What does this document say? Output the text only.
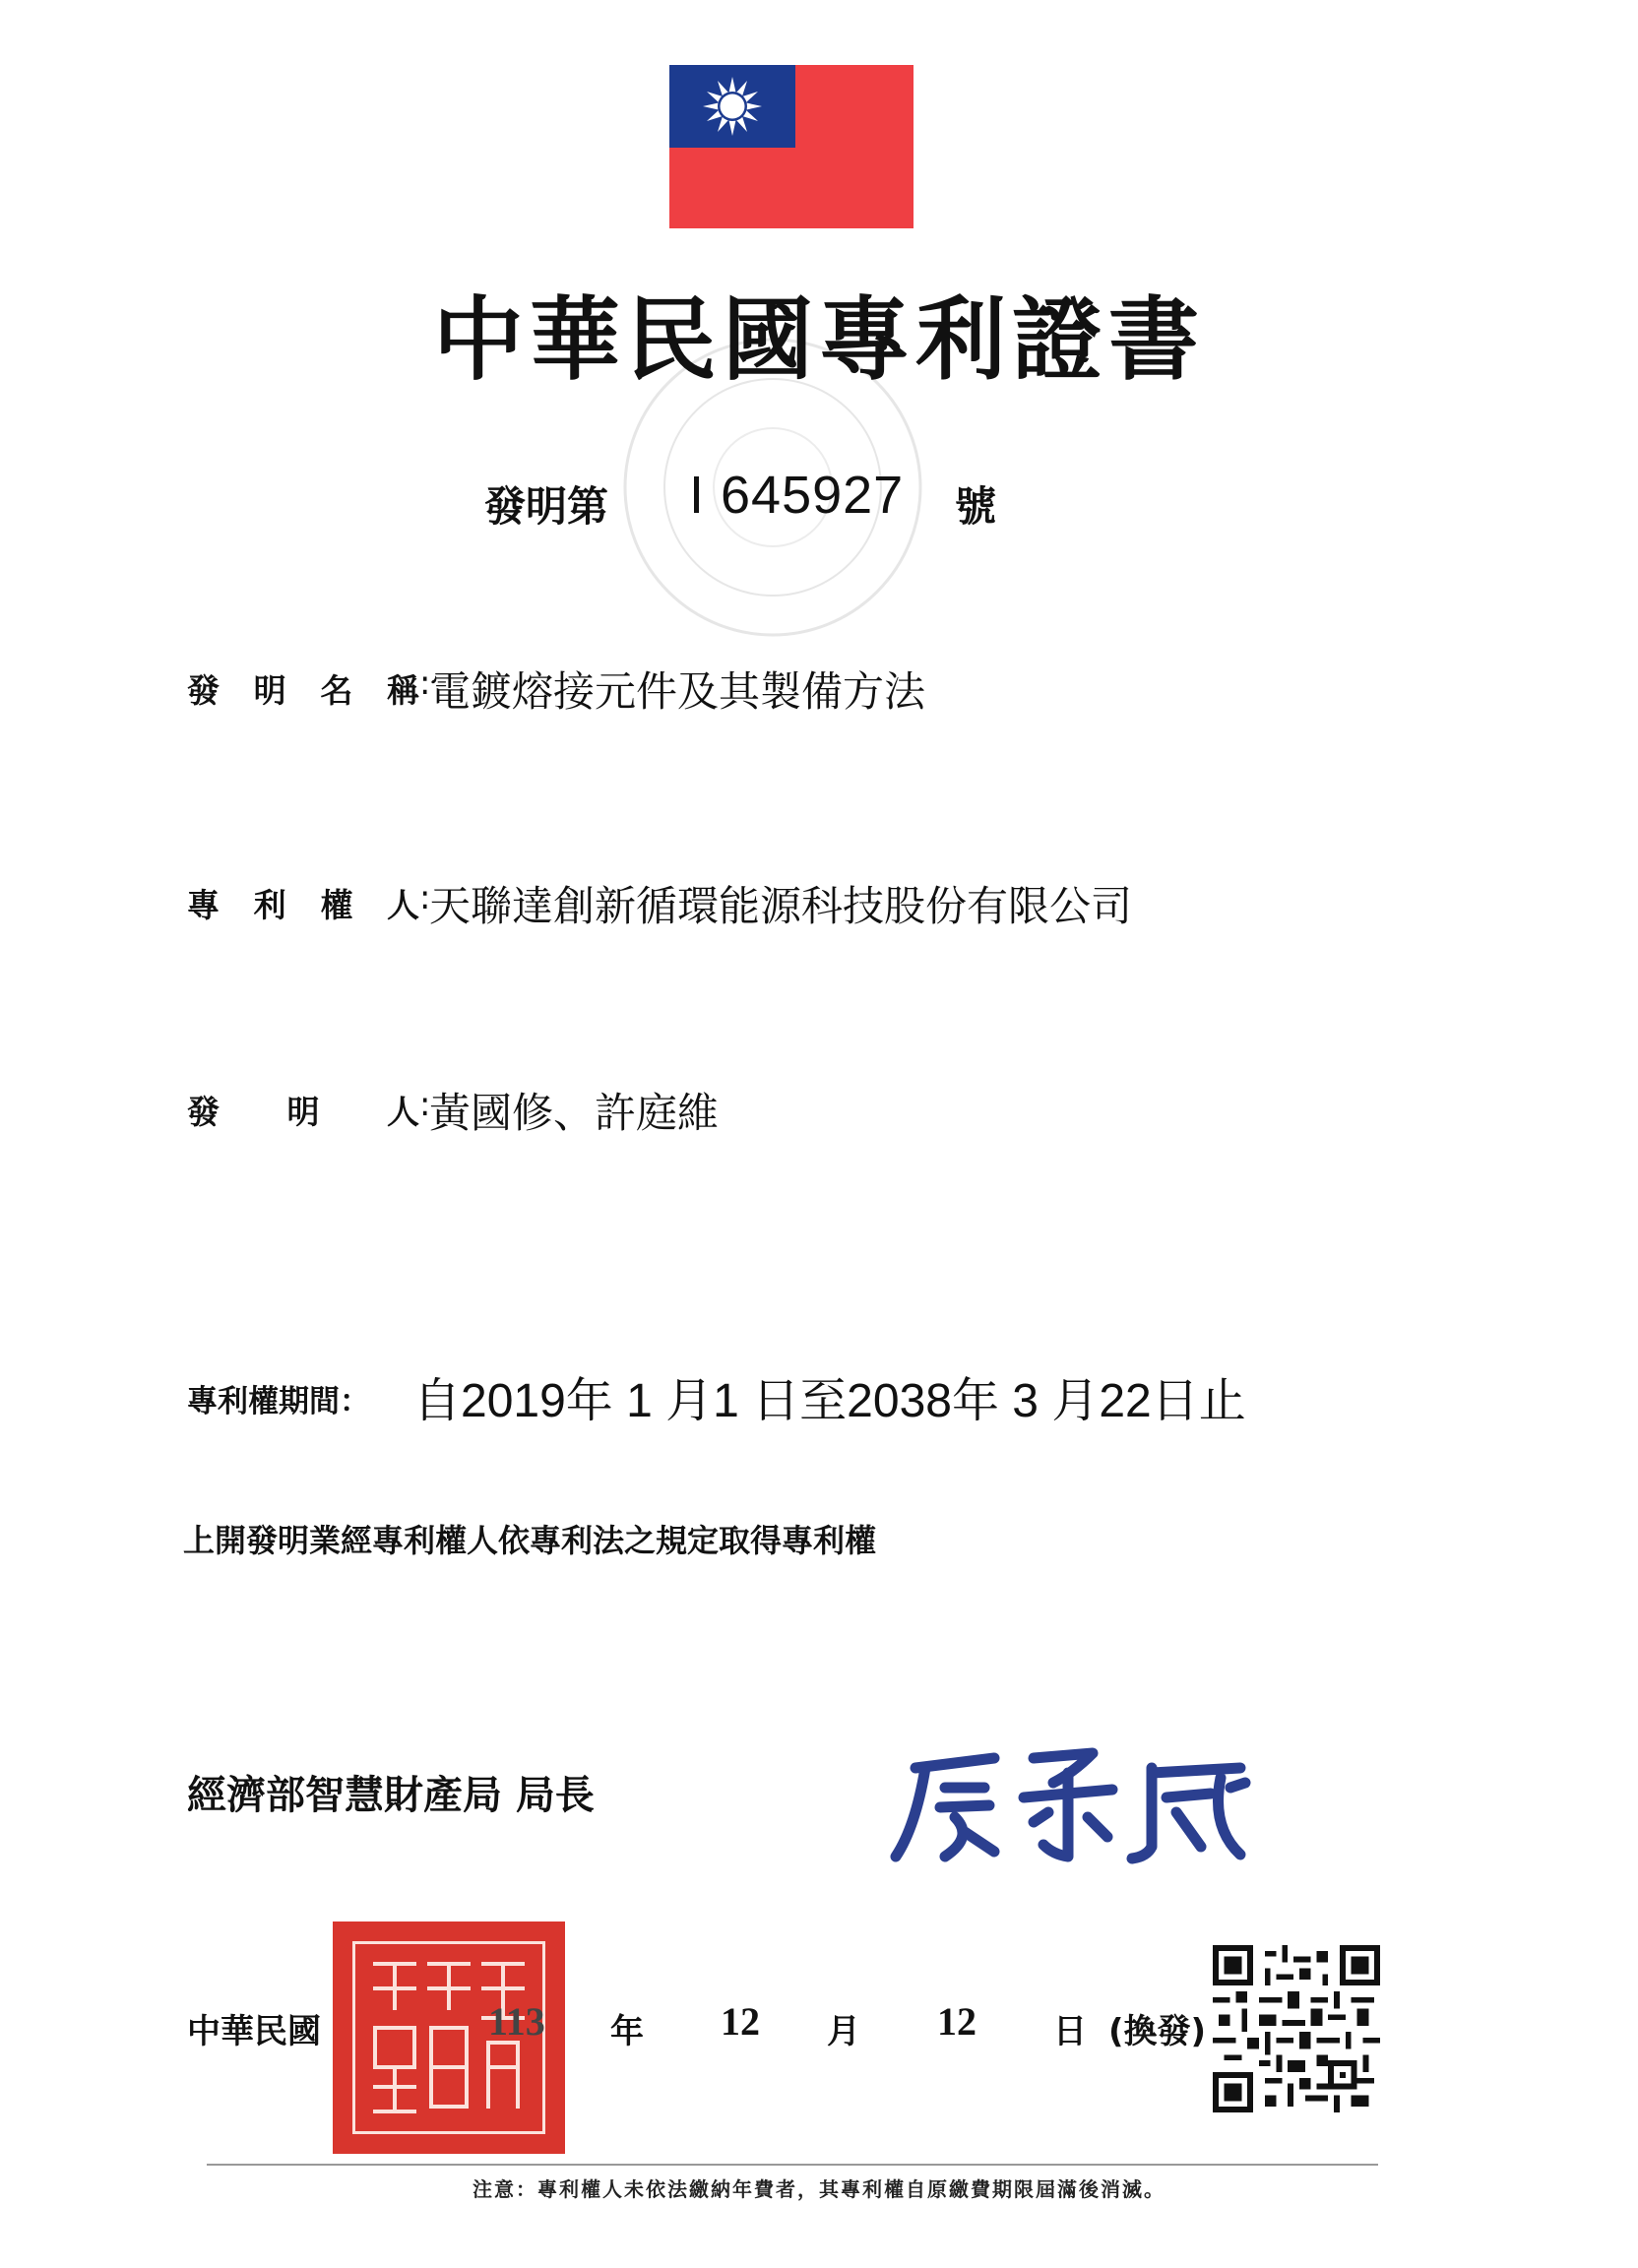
中華民國專利證書
發明第 I 645927 號
發明名稱 :
電鍍熔接元件及其製備方法
專利權人 :
天聯達創新循環能源科技股份有限公司
發明人 :
黃國修、許庭維
專利權期間： 自2019年 1 月1 日至2038年 3 月22日止
上開發明業經專利權人依專利法之規定取得專利權
經濟部智慧財產局 局長
中華民國	113 年 12 月 12 日 (換發)
注意：專利權人未依法繳納年費者，其專利權自原繳費期限屆滿後消滅。
